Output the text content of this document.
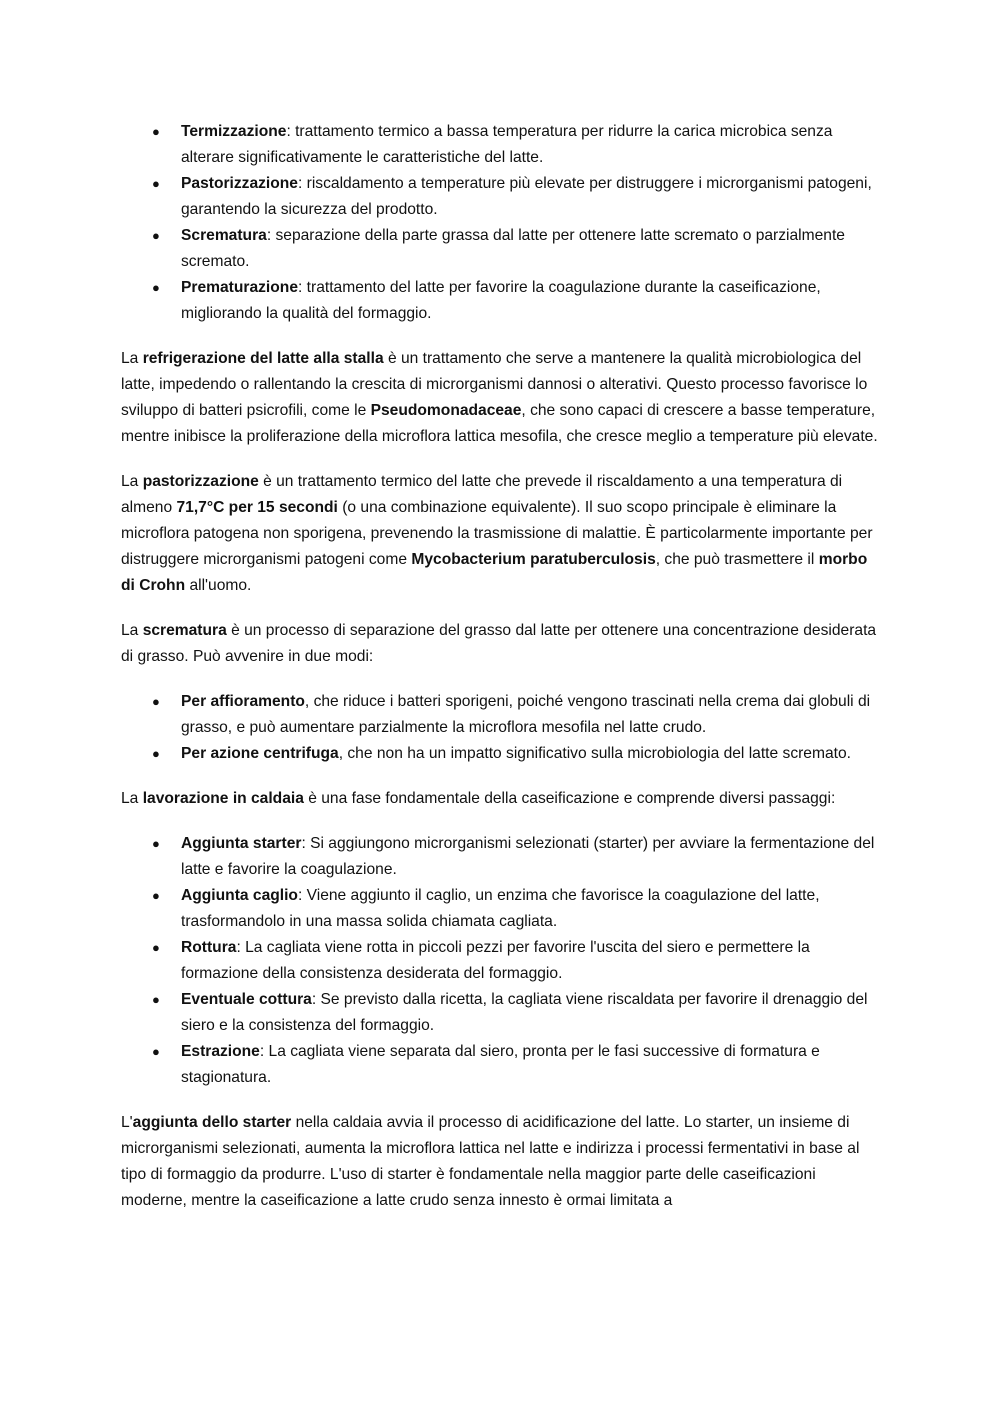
● Termizzazione: trattamento termico a bassa temperatura per ridurre la carica microbica senza alterare significativamente le caratteristiche del latte.
● Pastorizzazione: riscaldamento a temperature più elevate per distruggere i microrganismi patogeni, garantendo la sicurezza del prodotto.
● Scrematura: separazione della parte grassa dal latte per ottenere latte scremato o parzialmente scremato.
● Prematurazione: trattamento del latte per favorire la coagulazione durante la caseificazione, migliorando la qualità del formaggio.

La refrigerazione del latte alla stalla è un trattamento che serve a mantenere la qualità microbiologica del latte, impedendo o rallentando la crescita di microrganismi dannosi o alterativi. Questo processo favorisce lo sviluppo di batteri psicrofili, come le Pseudomonadaceae, che sono capaci di crescere a basse temperature, mentre inibisce la proliferazione della microflora lattica mesofila, che cresce meglio a temperature più elevate.

La pastorizzazione è un trattamento termico del latte che prevede il riscaldamento a una temperatura di almeno 71,7°C per 15 secondi (o una combinazione equivalente). Il suo scopo principale è eliminare la microflora patogena non sporigena, prevenendo la trasmissione di malattie. È particolarmente importante per distruggere microrganismi patogeni come Mycobacterium paratuberculosis, che può trasmettere il morbo di Crohn all'uomo.

La scrematura è un processo di separazione del grasso dal latte per ottenere una concentrazione desiderata di grasso. Può avvenire in due modi:

● Per affioramento, che riduce i batteri sporigeni, poiché vengono trascinati nella crema dai globuli di grasso, e può aumentare parzialmente la microflora mesofila nel latte crudo.
● Per azione centrifuga, che non ha un impatto significativo sulla microbiologia del latte scremato.

La lavorazione in caldaia è una fase fondamentale della caseificazione e comprende diversi passaggi:

● Aggiunta starter: Si aggiungono microrganismi selezionati (starter) per avviare la fermentazione del latte e favorire la coagulazione.
● Aggiunta caglio: Viene aggiunto il caglio, un enzima che favorisce la coagulazione del latte, trasformandolo in una massa solida chiamata cagliata.
● Rottura: La cagliata viene rotta in piccoli pezzi per favorire l'uscita del siero e permettere la formazione della consistenza desiderata del formaggio.
● Eventuale cottura: Se previsto dalla ricetta, la cagliata viene riscaldata per favorire il drenaggio del siero e la consistenza del formaggio.
● Estrazione: La cagliata viene separata dal siero, pronta per le fasi successive di formatura e stagionatura.

L'aggiunta dello starter nella caldaia avvia il processo di acidificazione del latte. Lo starter, un insieme di microrganismi selezionati, aumenta la microflora lattica nel latte e indirizza i processi fermentativi in base al tipo di formaggio da produrre. L'uso di starter è fondamentale nella maggior parte delle caseificazioni moderne, mentre la caseificazione a latte crudo senza innesto è ormai limitata a
